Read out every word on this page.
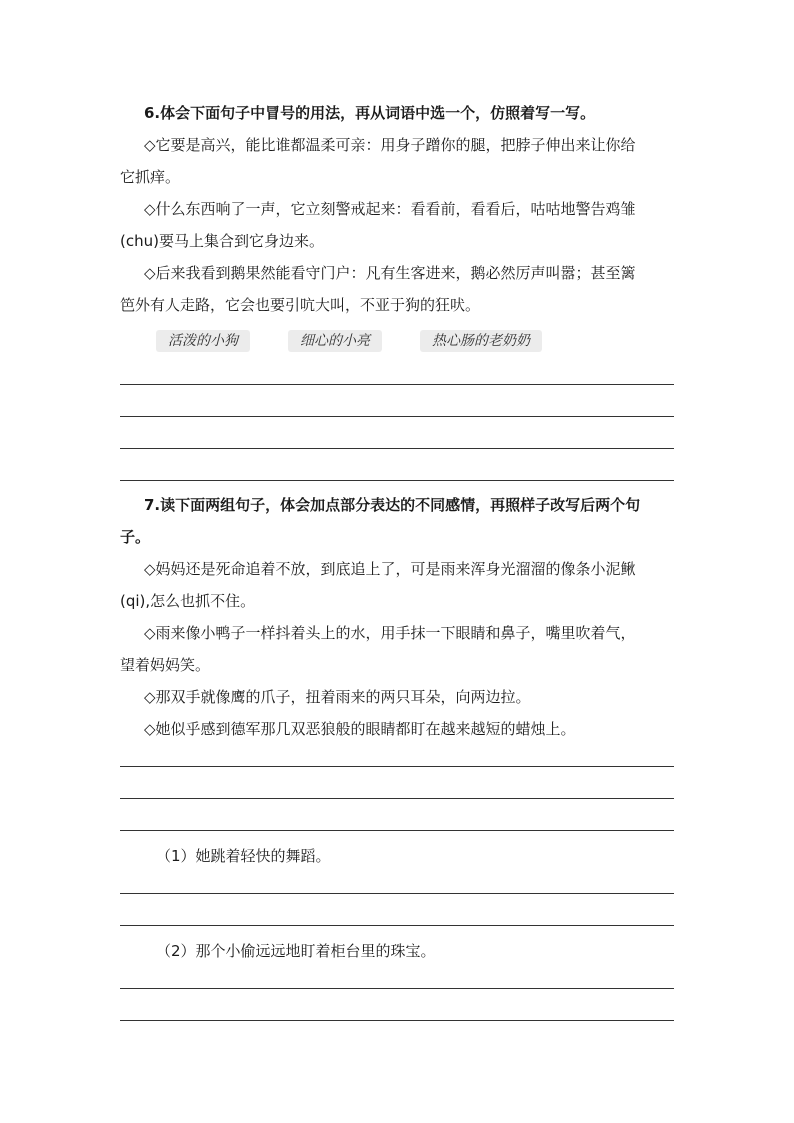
6.体会下面句子中冒号的用法，再从词语中选一个，仿照着写一写。
◇它要是高兴，能比谁都温柔可亲：用身子蹭你的腿，把脖子伸出来让你给
它抓痒。
◇什么东西响了一声，它立刻警戒起来：看看前，看看后，咕咕地警告鸡雏
(chu)要马上集合到它身边来。
◇后来我看到鹅果然能看守门户：凡有生客进来，鹅必然厉声叫嚣；甚至篱
笆外有人走路，它会也要引吭大叫，不亚于狗的狂吠。
活泼的小狗	细心的小亮	热心肠的老奶奶
7.读下面两组句子，体会加点部分表达的不同感情，再照样子改写后两个句
子。
◇妈妈还是死命追着不放，到底追上了，可是雨来浑身光溜溜的像条小泥鳅
(qi),怎么也抓不住。
◇雨来像小鸭子一样抖着头上的水，用手抹一下眼睛和鼻子，嘴里吹着气，
望着妈妈笑。
◇那双手就像鹰的爪子，扭着雨来的两只耳朵，向两边拉。
◇她似乎感到德军那几双恶狼般的眼睛都盯在越来越短的蜡烛上。
（1）她跳着轻快的舞蹈。
（2）那个小偷远远地盯着柜台里的珠宝。
